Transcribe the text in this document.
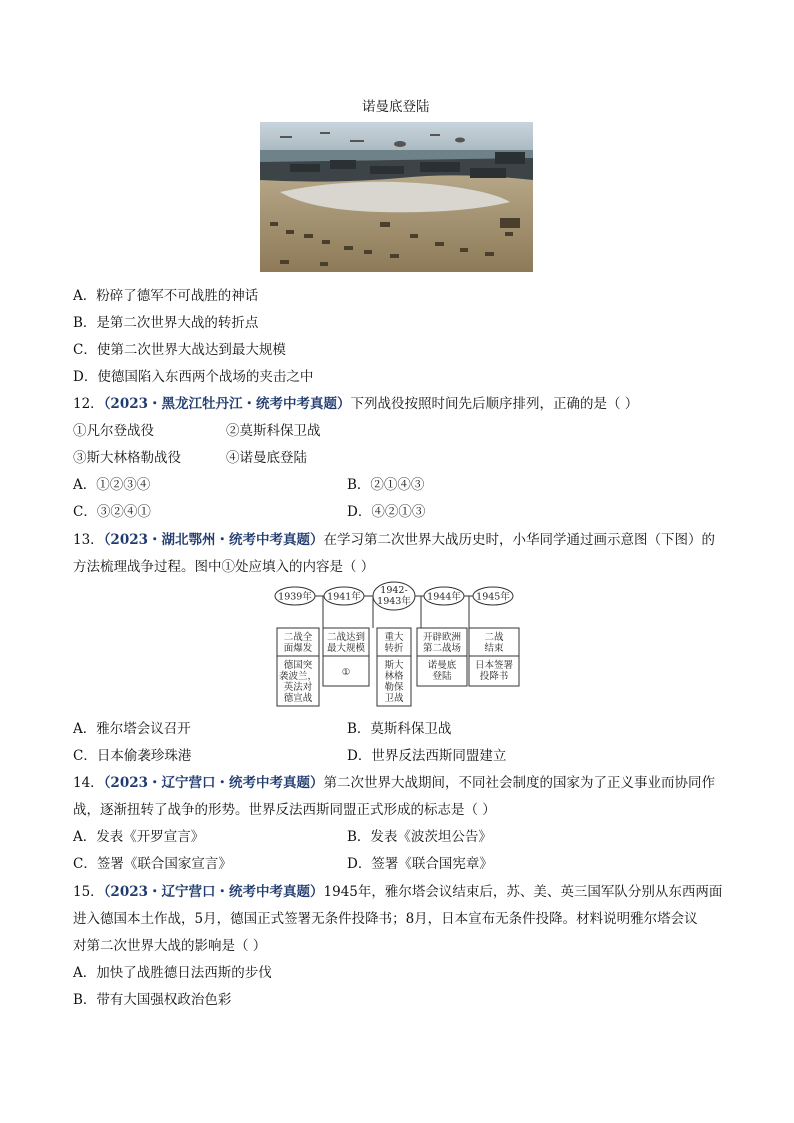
诺曼底登陆
A．粉碎了德军不可战胜的神话
B．是第二次世界大战的转折点
C．使第二次世界大战达到最大规模
D．使德国陷入东西两个战场的夹击之中
12．（2023・黑龙江牡丹江・统考中考真题）下列战役按照时间先后顺序排列，正确的是（ ）
①凡尔登战役	②莫斯科保卫战
③斯大林格勒战役	④诺曼底登陆
A．①②③④	B．②①④③
C．③②④①	D．④②①③
13．（2023・湖北鄂州・统考中考真题）在学习第二次世界大战历史时，小华同学通过画示意图（下图）的
方法梳理战争过程。图中①处应填入的内容是（ ）
1939年 1941年
1942-
1943年 1944年 1945年
二战全
面爆发
德国突
袭波兰，
英法对
德宣战
二战达到
最大规模
①
重大
转折
斯大
林格
勒保
卫战
开辟欧洲
第二战场
诺曼底
登陆
二战
结束
日本签署
投降书
A．雅尔塔会议召开	B．莫斯科保卫战
C．日本偷袭珍珠港	D．世界反法西斯同盟建立
14．（2023・辽宁营口・统考中考真题）第二次世界大战期间，不同社会制度的国家为了正义事业而协同作
战，逐渐扭转了战争的形势。世界反法西斯同盟正式形成的标志是（ ）
A．发表《开罗宣言》	B．发表《波茨坦公告》
C．签署《联合国家宣言》	D．签署《联合国宪章》
15．（2023・辽宁营口・统考中考真题）1945年，雅尔塔会议结束后，苏、美、英三国军队分别从东西两面
进入德国本土作战，5月，德国正式签署无条件投降书；8月，日本宣布无条件投降。材料说明雅尔塔会议
对第二次世界大战的影响是（ ）
A．加快了战胜德日法西斯的步伐
B．带有大国强权政治色彩
